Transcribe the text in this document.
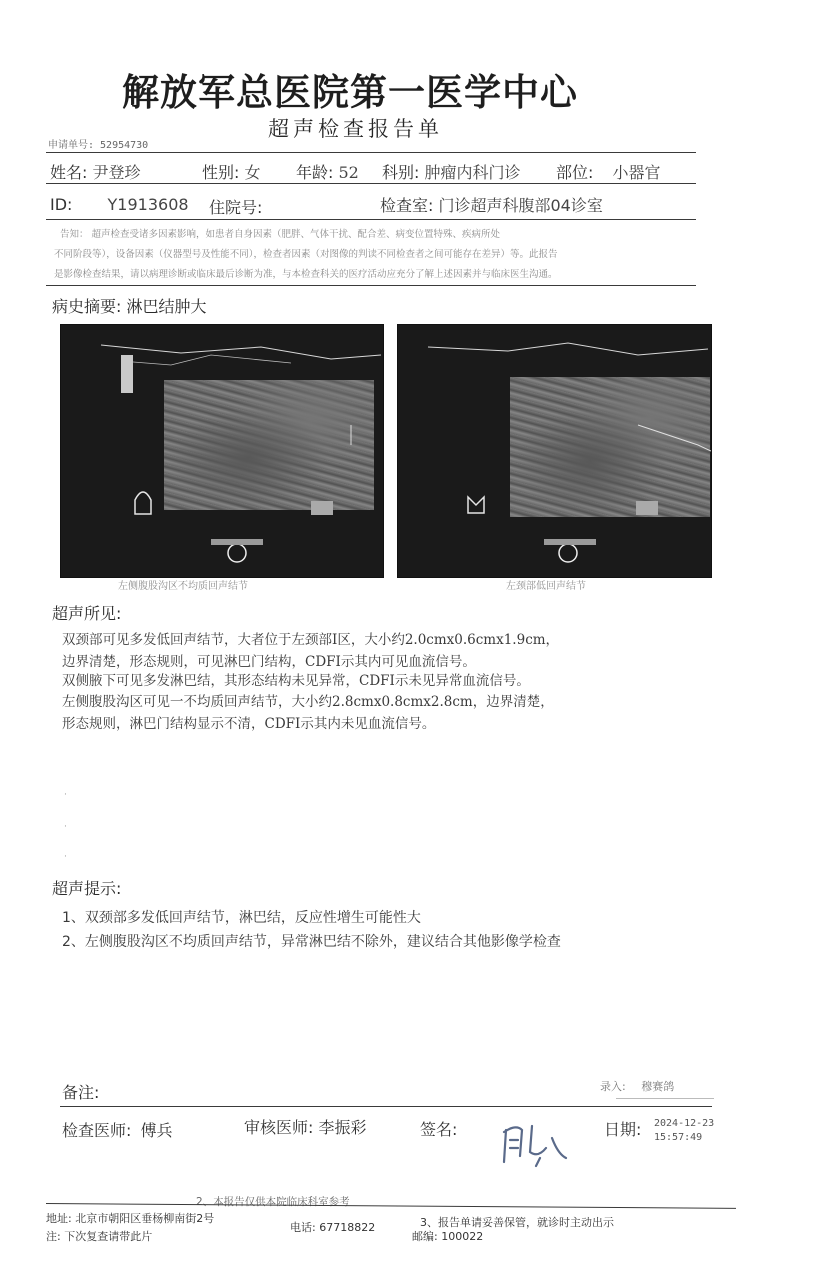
解放军总医院第一医学中心
超声检查报告单
申请单号: 52954730
姓名: 尹登珍	性别: 女 年龄: 52 科别: 肿瘤内科门诊 部位: 小器官
ID: Y1913608 住院号:	检查室: 门诊超声科腹部04诊室
告知： 超声检查受诸多因素影响，如患者自身因素（肥胖、气体干扰、配合差、病变位置特殊、疾病所处
不同阶段等），设备因素（仪器型号及性能不同），检查者因素（对图像的判读不同检查者之间可能存在差异）等。此报告
是影像检查结果，请以病理诊断或临床最后诊断为准，与本检查科关的医疗活动应充分了解上述因素并与临床医生沟通。
病史摘要: 淋巴结肿大
左侧腹股沟区不均质回声结节	左颈部低回声结节
超声所见:
双颈部可见多发低回声结节，大者位于左颈部Ⅰ区，大小约2.0cmx0.6cmx1.9cm，
边界清楚，形态规则，可见淋巴门结构，CDFI示其内可见血流信号。
双侧腋下可见多发淋巴结，其形态结构未见异常，CDFI示未见异常血流信号。
左侧腹股沟区可见一不均质回声结节，大小约2.8cmx0.8cmx2.8cm，边界清楚，
形态规则，淋巴门结构显示不清，CDFI示其内未见血流信号。
·
·
·
超声提示:
1、双颈部多发低回声结节，淋巴结，反应性增生可能性大
2、左侧腹股沟区不均质回声结节，异常淋巴结不除外，建议结合其他影像学检查
备注:	录入: 穆赛鸽
检查医师: 傅兵	审核医师: 李振彩	签名:	日期: 2024-12-23
15:57:49
2、本报告仅供本院临床科室参考
地址: 北京市朝阳区垂杨柳南街2号
电话: 67718822	3、报告单请妥善保管，就诊时主动出示
注: 下次复查请带此片	邮编: 100022
